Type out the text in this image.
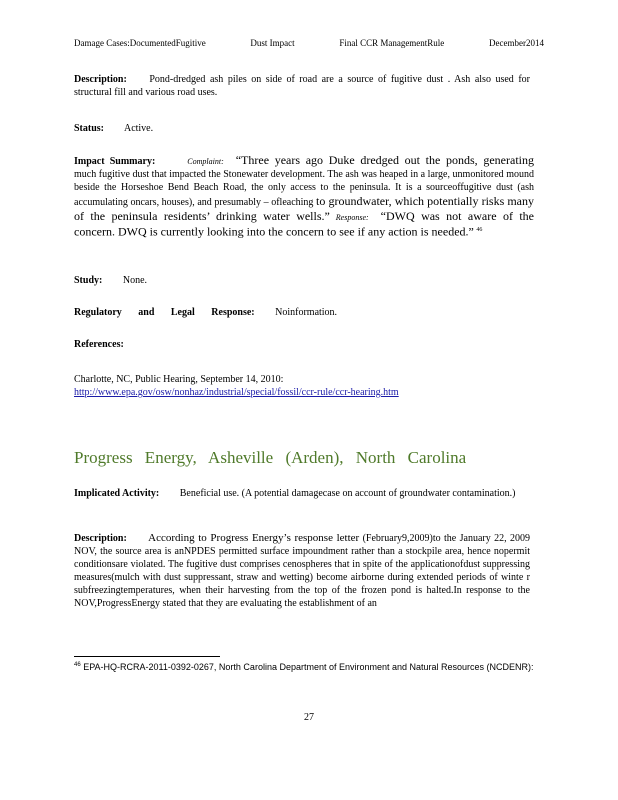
Damage Cases:DocumentedFugitive	Dust Impact	Final CCR ManagementRule	December2014
Description: Pond-dredged ash piles on side of road are a source of fugitive dust . Ash also used for structural fill and various road uses.
Status: Active.
Impact Summary:	Complaint: “Three years ago Duke dredged out the ponds, generating much fugitive dust that impacted the Stonewater development. The ash was heaped in a large, unmonitored mound beside the Horseshoe Bend Beach Road, the only access to the peninsula. It is a sourceoffugitive dust (ash accumulating oncars, houses), and presumably – ofleaching to groundwater, which potentially risks many of the peninsula residents’ drinking water wells.” Response: “DWQ was not aware of the concern. DWQ is currently looking into the concern to see if any action is needed.” $^{46}$
Study: None.
Regulatory and Legal Response: Noinformation.
References:
Charlotte, NC, Public Hearing, September 14, 2010:
http://www.epa.gov/osw/nonhaz/industrial/special/fossil/ccr-rule/ccr-hearing.htm
Progress Energy, Asheville (Arden), North Carolina
Implicated Activity: Beneficial use. (A potential damagecase on account of groundwater contamination.)
Description: According to Progress Energy’s response letter (February9,2009)to the January 22, 2009 NOV, the source area is anNPDES permitted surface impoundment rather than a stockpile area, hence nopermit conditionsare violated. The fugitive dust comprises cenospheres that in spite of the applicationofdust suppressing measures(mulch with dust suppressant, straw and wetting) become airborne during extended periods of winte r subfreezingtemperatures, when their harvesting from the top of the frozen pond is halted.In response to the NOV,ProgressEnergy stated that they are evaluating the establishment of an
$^{46}$ EPA-HQ-RCRA-2011-0392-0267, North Carolina Department of Environment and Natural Resources (NCDENR):
27
